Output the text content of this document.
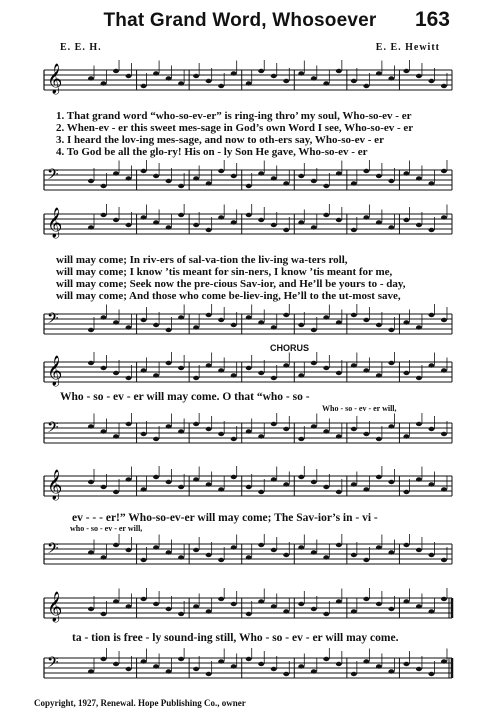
That Grand Word, Whosoever	163
E. E. H.	E. E. Hewitt
𝄞
1. That grand word “who-so-ev-er” is ring-ing thro’ my soul, Who-so-ev - er
2. When-ev - er this sweet mes-sage in God’s own Word I see, Who-so-ev - er
3. I heard the lov-ing mes-sage, and now to oth-ers say, Who-so-ev - er
4. To God be all the glo-ry! His on - ly Son He gave, Who-so-ev - er
𝄢
𝄞
will may come; In riv-ers of sal-va-tion the liv-ing wa-ters roll,
will may come; I know ’tis meant for sin-ners, I know ’tis meant for me,
will may come; Seek now the pre-cious Sav-ior, and He’ll be yours to - day,
will may come; And those who come be-liev-ing, He’ll to the ut-most save,
𝄢
CHORUS
𝄞
Who - so - ev - er will may come. O that “who - so -
Who - so - ev - er will,
𝄢
𝄞
ev - - - er!” Who-so-ev-er will may come; The Sav-ior’s in - vi -
who - so - ev - er will,
𝄢
𝄞
ta - tion is free - ly sound-ing still, Who - so - ev - er will may come.
𝄢
Copyright, 1927, Renewal. Hope Publishing Co., owner
